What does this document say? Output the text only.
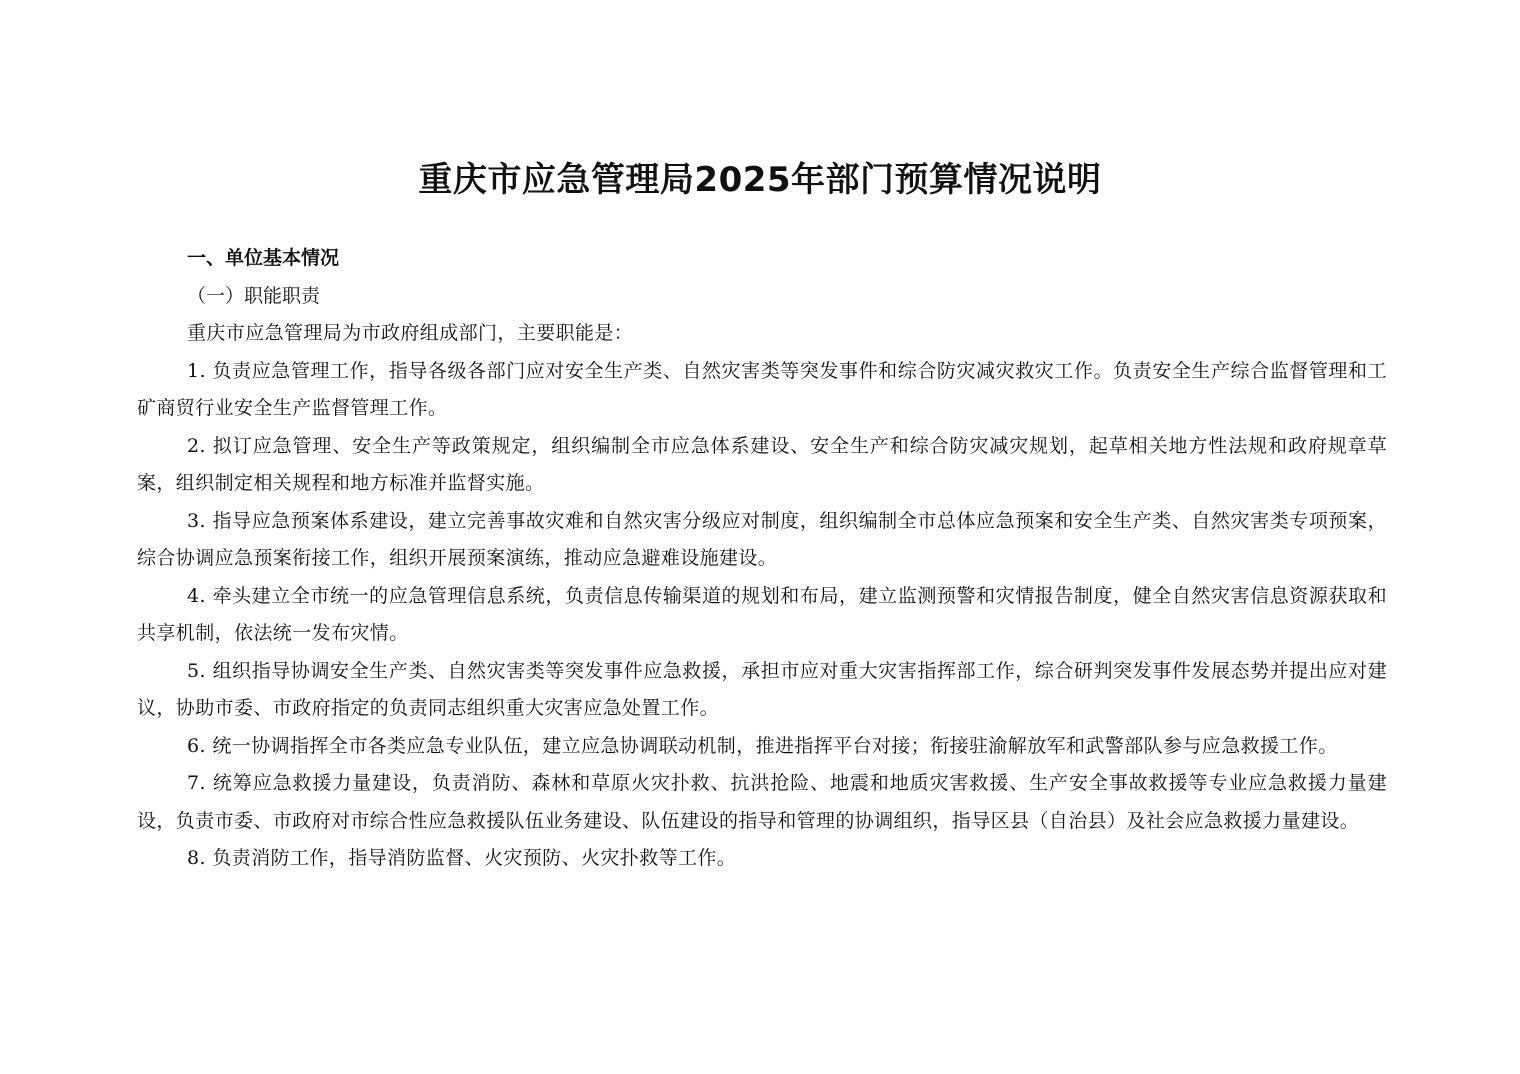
重庆市应急管理局2025年部门预算情况说明

一、单位基本情况

（一）职能职责

重庆市应急管理局为市政府组成部门，主要职能是：

1. 负责应急管理工作，指导各级各部门应对安全生产类、自然灾害类等突发事件和综合防灾减灾救灾工作。负责安全生产综合监督管理和工矿商贸行业安全生产监督管理工作。
2. 拟订应急管理、安全生产等政策规定，组织编制全市应急体系建设、安全生产和综合防灾减灾规划，起草相关地方性法规和政府规章草案，组织制定相关规程和地方标准并监督实施。
3. 指导应急预案体系建设，建立完善事故灾难和自然灾害分级应对制度，组织编制全市总体应急预案和安全生产类、自然灾害类专项预案，综合协调应急预案衔接工作，组织开展预案演练，推动应急避难设施建设。
4. 牵头建立全市统一的应急管理信息系统，负责信息传输渠道的规划和布局，建立监测预警和灾情报告制度，健全自然灾害信息资源获取和共享机制，依法统一发布灾情。
5. 组织指导协调安全生产类、自然灾害类等突发事件应急救援，承担市应对重大灾害指挥部工作，综合研判突发事件发展态势并提出应对建议，协助市委、市政府指定的负责同志组织重大灾害应急处置工作。
6. 统一协调指挥全市各类应急专业队伍，建立应急协调联动机制，推进指挥平台对接；衔接驻渝解放军和武警部队参与应急救援工作。
7. 统筹应急救援力量建设，负责消防、森林和草原火灾扑救、抗洪抢险、地震和地质灾害救援、生产安全事故救援等专业应急救援力量建设，负责市委、市政府对市综合性应急救援队伍业务建设、队伍建设的指导和管理的协调组织，指导区县（自治县）及社会应急救援力量建设。
8. 负责消防工作，指导消防监督、火灾预防、火灾扑救等工作。
